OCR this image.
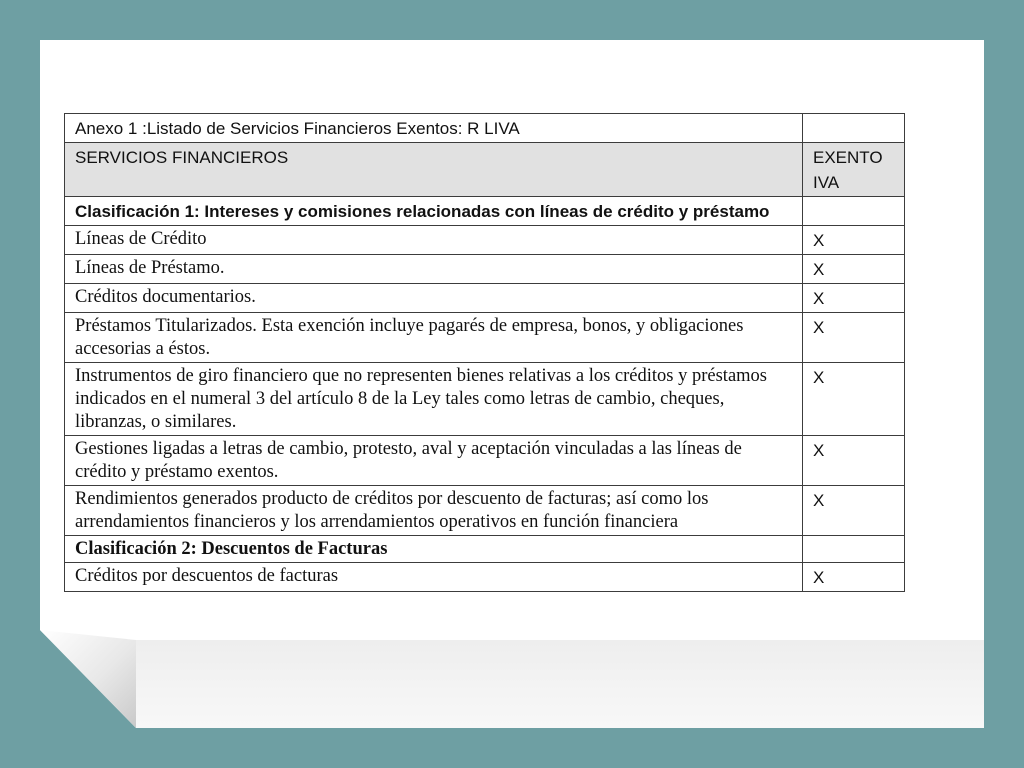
Anexo 1 :Listado de Servicios Financieros Exentos: R LIVA	
SERVICIOS FINANCIEROS	EXENTO IVA
Clasificación 1: Intereses y comisiones relacionadas con líneas de crédito y préstamo	
Líneas de Crédito	X
Líneas de Préstamo.	X
Créditos documentarios.	X
Préstamos Titularizados. Esta exención incluye pagarés de empresa, bonos, y obligaciones accesorias a éstos.	X
Instrumentos de giro financiero que no representen bienes relativas a los créditos y préstamos indicados en el numeral 3 del artículo 8 de la Ley tales como letras de cambio, cheques, libranzas, o similares.	X
Gestiones ligadas a letras de cambio, protesto, aval y aceptación vinculadas a las líneas de crédito y préstamo exentos.	X
Rendimientos generados producto de créditos por descuento de facturas; así como los arrendamientos financieros y los arrendamientos operativos en función financiera	X
Clasificación 2: Descuentos de Facturas	
Créditos por descuentos de facturas	X
